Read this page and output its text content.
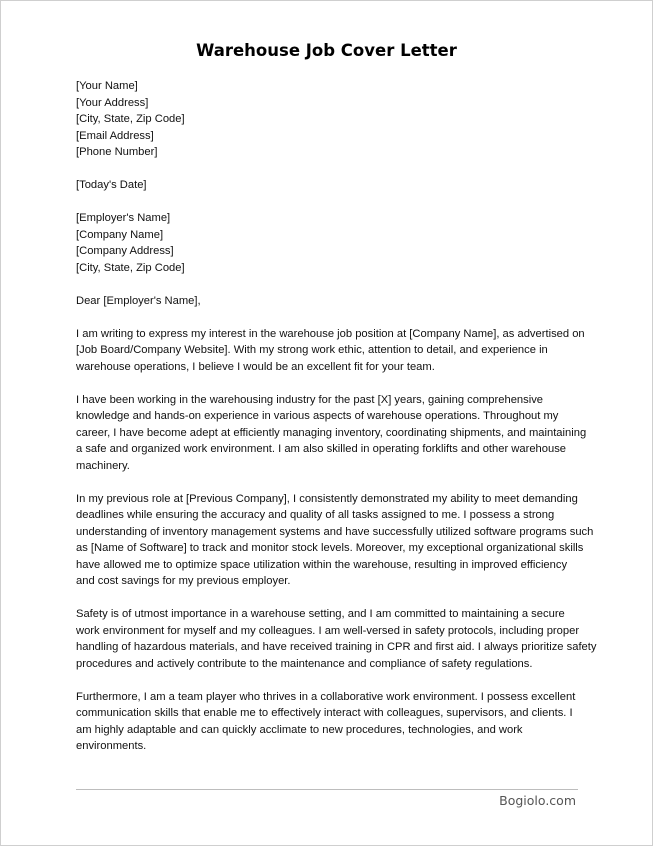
Warehouse Job Cover Letter
[Your Name]
[Your Address]
[City, State, Zip Code]
[Email Address]
[Phone Number]
[Today's Date]
[Employer's Name]
[Company Name]
[Company Address]
[City, State, Zip Code]
Dear [Employer's Name],
I am writing to express my interest in the warehouse job position at [Company Name], as advertised on
[Job Board/Company Website]. With my strong work ethic, attention to detail, and experience in
warehouse operations, I believe I would be an excellent fit for your team.
I have been working in the warehousing industry for the past [X] years, gaining comprehensive
knowledge and hands-on experience in various aspects of warehouse operations. Throughout my
career, I have become adept at efficiently managing inventory, coordinating shipments, and maintaining
a safe and organized work environment. I am also skilled in operating forklifts and other warehouse
machinery.
In my previous role at [Previous Company], I consistently demonstrated my ability to meet demanding
deadlines while ensuring the accuracy and quality of all tasks assigned to me. I possess a strong
understanding of inventory management systems and have successfully utilized software programs such
as [Name of Software] to track and monitor stock levels. Moreover, my exceptional organizational skills
have allowed me to optimize space utilization within the warehouse, resulting in improved efficiency
and cost savings for my previous employer.
Safety is of utmost importance in a warehouse setting, and I am committed to maintaining a secure
work environment for myself and my colleagues. I am well-versed in safety protocols, including proper
handling of hazardous materials, and have received training in CPR and first aid. I always prioritize safety
procedures and actively contribute to the maintenance and compliance of safety regulations.
Furthermore, I am a team player who thrives in a collaborative work environment. I possess excellent
communication skills that enable me to effectively interact with colleagues, supervisors, and clients. I
am highly adaptable and can quickly acclimate to new procedures, technologies, and work
environments.
Bogiolo.com
